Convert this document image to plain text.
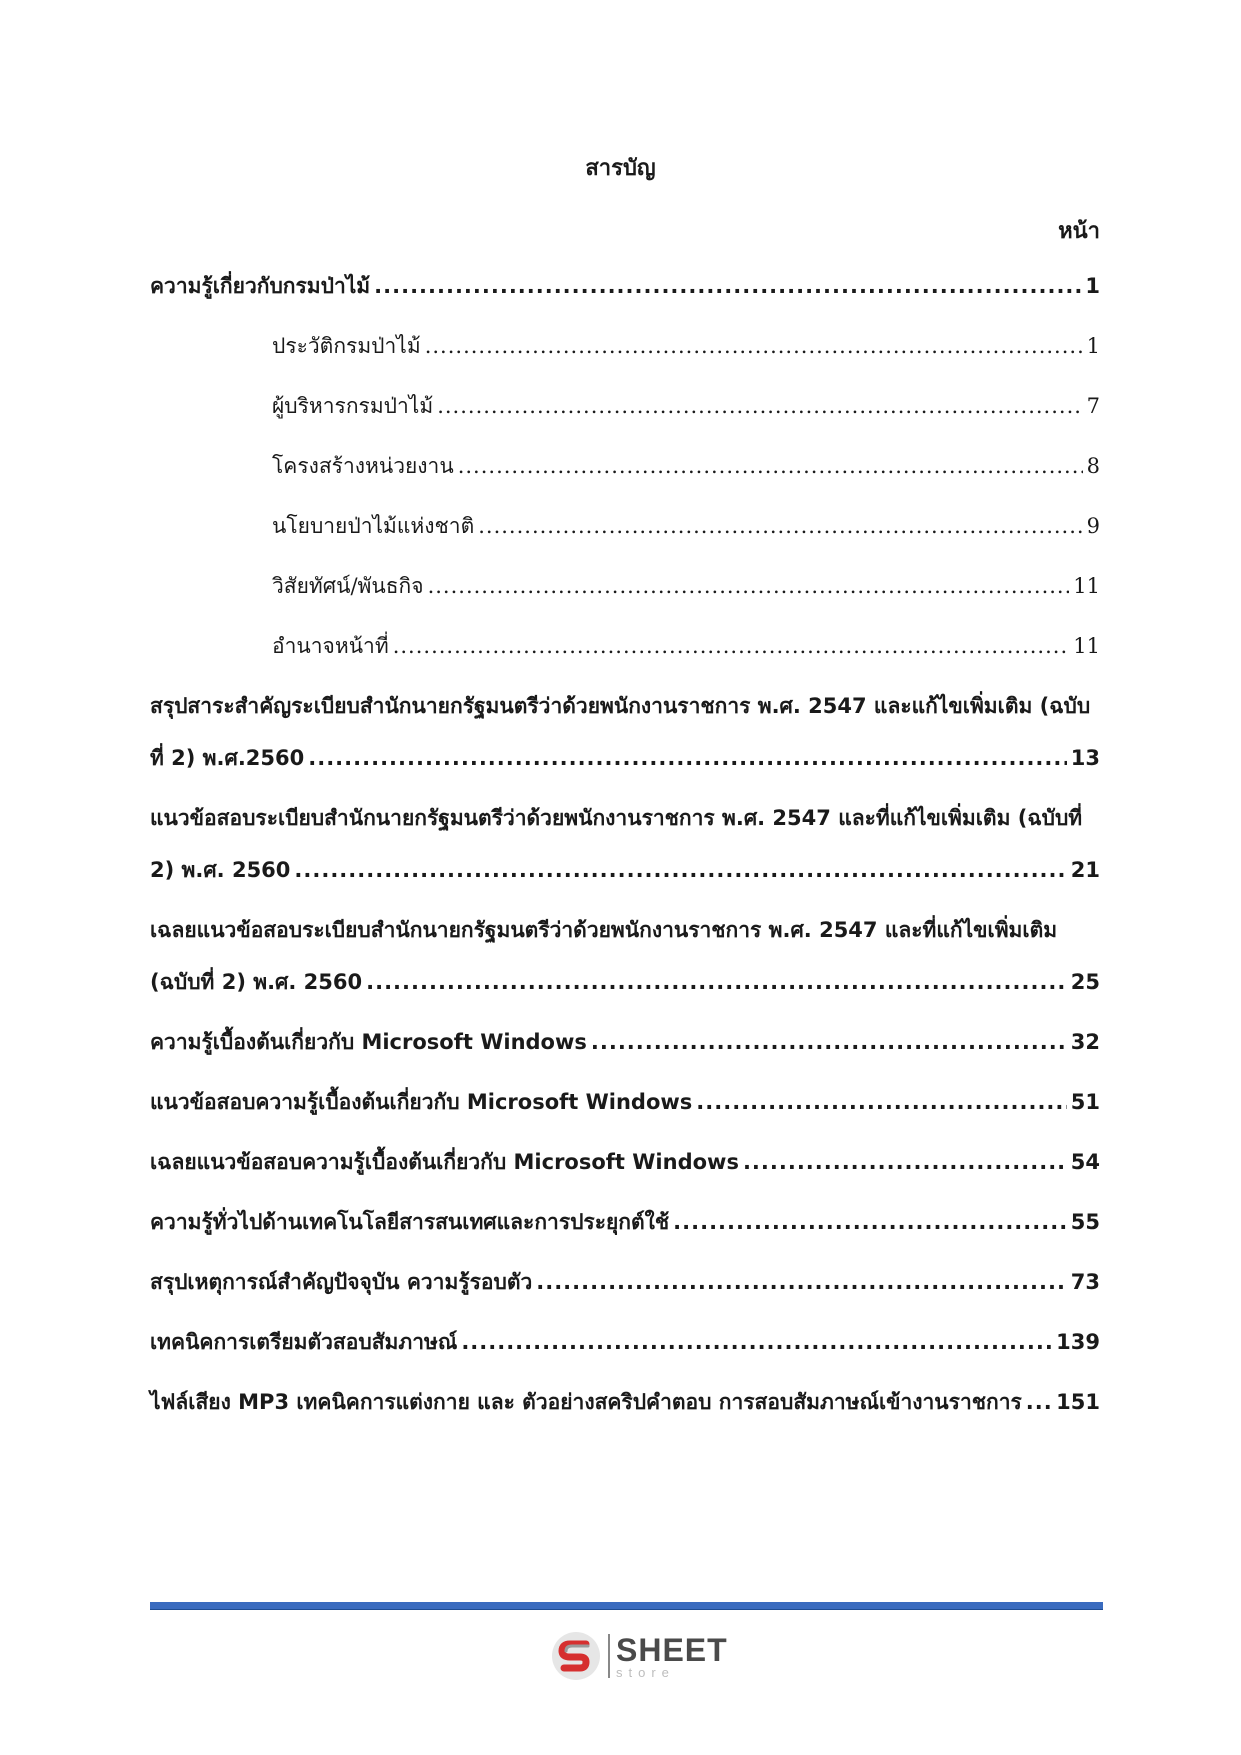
สารบัญ
หน้า
ความรู้เกี่ยวกับกรมป่าไม้ .....	1
ประวัติกรมป่าไม้ .....	1
ผู้บริหารกรมป่าไม้ .....	7
โครงสร้างหน่วยงาน .....	8
นโยบายป่าไม้แห่งชาติ .....	9
วิสัยทัศน์/พันธกิจ .....	11
อำนาจหน้าที่ .....	11
สรุปสาระสำคัญระเบียบสำนักนายกรัฐมนตรีว่าด้วยพนักงานราชการ พ.ศ. 2547 และแก้ไขเพิ่มเติม (ฉบับ
ที่ 2) พ.ศ.2560 .....	13
แนวข้อสอบระเบียบสำนักนายกรัฐมนตรีว่าด้วยพนักงานราชการ พ.ศ. 2547 และที่แก้ไขเพิ่มเติม (ฉบับที่
2) พ.ศ. 2560 .....	21
เฉลยแนวข้อสอบระเบียบสำนักนายกรัฐมนตรีว่าด้วยพนักงานราชการ พ.ศ. 2547 และที่แก้ไขเพิ่มเติม
(ฉบับที่ 2) พ.ศ. 2560 .....	25
ความรู้เบื้องต้นเกี่ยวกับ Microsoft Windows .....	32
แนวข้อสอบความรู้เบื้องต้นเกี่ยวกับ Microsoft Windows .....	51
เฉลยแนวข้อสอบความรู้เบื้องต้นเกี่ยวกับ Microsoft Windows .....	54
ความรู้ทั่วไปด้านเทคโนโลยีสารสนเทศและการประยุกต์ใช้ .....	55
สรุปเหตุการณ์สำคัญปัจจุบัน ความรู้รอบตัว .....	73
เทคนิคการเตรียมตัวสอบสัมภาษณ์ .....	139
ไฟล์เสียง MP3 เทคนิคการแต่งกาย และ ตัวอย่างสคริปคำตอบ การสอบสัมภาษณ์เข้างานราชการ ..... 151
SHEET
store
